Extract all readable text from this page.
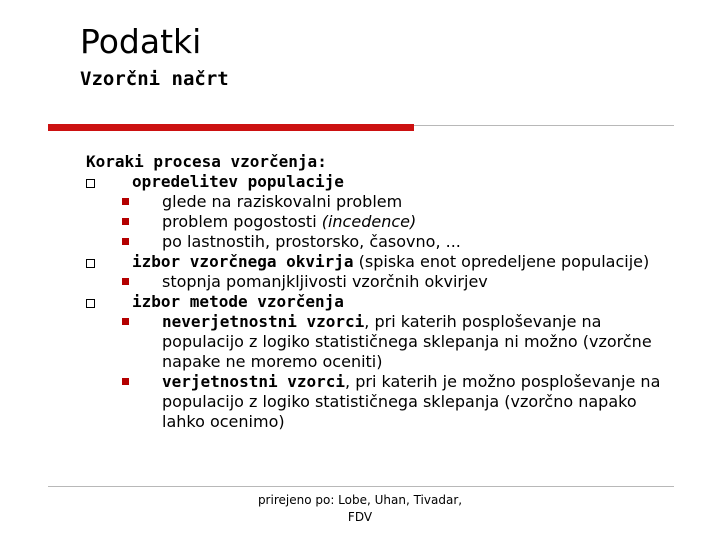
Podatki
Vzorčni načrt
Koraki procesa vzorčenja:
opredelitev populacije
glede na raziskovalni problem
problem pogostosti (incedence)
po lastnostih, prostorsko, časovno, ...
izbor vzorčnega okvirja (spiska enot opredeljene populacije)
stopnja pomanjkljivosti vzorčnih okvirjev
izbor metode vzorčenja
neverjetnostni vzorci, pri katerih posploševanje na populacijo z logiko statističnega sklepanja ni možno (vzorčne napake ne moremo oceniti)
verjetnostni vzorci, pri katerih je možno posploševanje na populacijo z logiko statističnega sklepanja (vzorčno napako lahko ocenimo)
prirejeno po: Lobe, Uhan, Tivadar,
FDV
